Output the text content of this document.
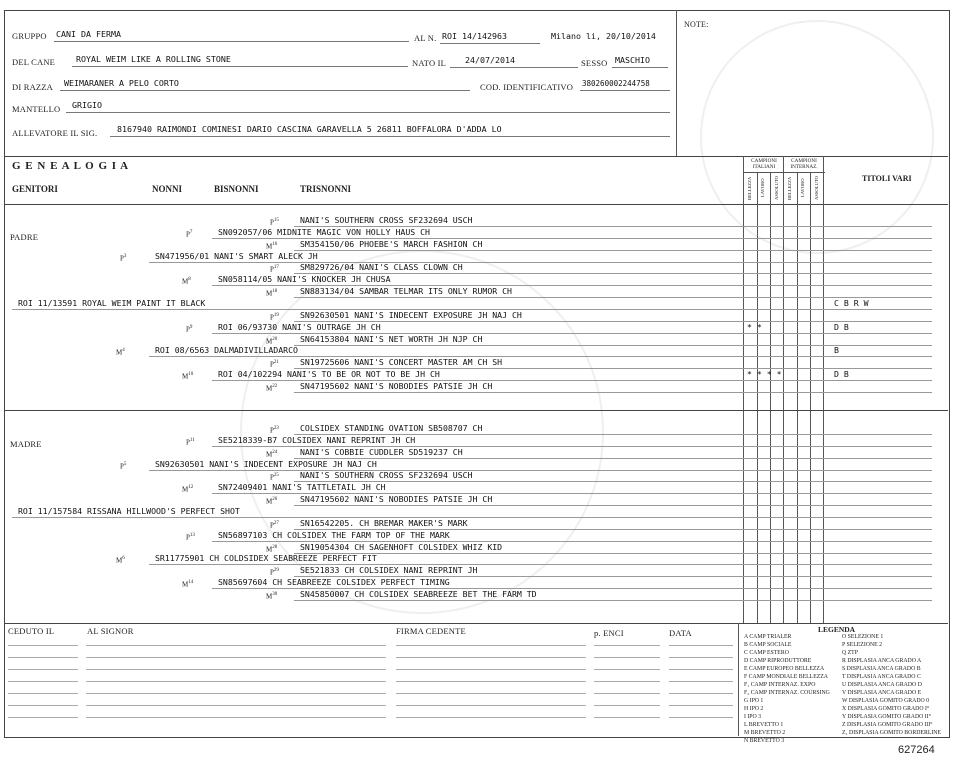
GRUPPO CANI DA FERMA	AL N. ROI 14/142963	Milano li, 20/10/2014
DEL CANE	ROYAL WEIM LIKE A ROLLING STONE	NATO IL 24/07/2014	SESSO MASCHIO
DI RAZZA WEIMARANER A PELO CORTO	COD. IDENTIFICATIVO 380260002244758
MANTELLO GRIGIO
ALLEVATORE IL SIG. 8167940 RAIMONDI COMINESI DARIO CASCINA GARAVELLA 5 26811 BOFFALORA D'ADDA LO
NOTE:
G E N E A L O G I A
GENITORI	NONNI	BISNONNI	TRISNONNI
TITOLI VARI
CAMPIONI ITALIANI
CAMPIONI INTERNAZ.
BELLEZZA LAVORO ASSOLUTO BELLEZZA LAVORO ASSOLUTO
PADRE
$P^{15}$	NANI'S SOUTHERN CROSS SF232694 USCH
$P^7$	SN092057/06 MIDNITE MAGIC VON HOLLY HAUS CH
$M^{16}$	SM354150/06 PHOEBE'S MARCH FASHION CH
$P^3$	SN471956/01 NANI'S SMART ALECK JH
$P^{17}$	SM829726/04 NANI'S CLASS CLOWN CH
$M^8$	SN058114/05 NANI'S KNOCKER JH CHUSA
$M^{18}$	SN883134/04 SAMBAR TELMAR ITS ONLY RUMOR CH
ROI 11/13591 ROYAL WEIM PAINT IT BLACK	C B R W
$P^{19}$	SN92630501 NANI'S INDECENT EXPOSURE JH NAJ CH
$P^9$	ROI 06/93730 NANI'S OUTRAGE JH CH	* *	D B
$M^{20}$	SN64153804 NANI'S NET WORTH JH NJP CH
$M^4$	ROI 08/6563 DALMADIVILLADARCO	B
$P^{21}$	SN19725606 NANI'S CONCERT MASTER AM CH SH
$M^{10}$	ROI 04/102294 NANI'S TO BE OR NOT TO BE JH CH	* * * *	D B
$M^{22}$	SN47195602 NANI'S NOBODIES PATSIE JH CH
MADRE
$P^{23}$	COLSIDEX STANDING OVATION SB508707 CH
$P^{11}$	SE5218339-B7 COLSIDEX NANI REPRINT JH CH
$M^{24}$	NANI'S COBBIE CUDDLER SD519237 CH
$P^5$	SN92630501 NANI'S INDECENT EXPOSURE JH NAJ CH
$P^{25}$	NANI'S SOUTHERN CROSS SF232694 USCH
$M^{12}$	SN72409401 NANI'S TATTLETAIL JH CH
$M^{26}$	SN47195602 NANI'S NOBODIES PATSIE JH CH
ROI 11/157584 RISSANA HILLWOOD'S PERFECT SHOT
$P^{27}$	SN16542205. CH BREMAR MAKER'S MARK
$P^{13}$	SN56897103 CH COLSIDEX THE FARM TOP OF THE MARK
$M^{28}$	SN19054304 CH SAGENHOFT COLSIDEX WHIZ KID
$M^6$	SR11775901 CH COLDSIDEX SEABREEZE PERFECT FIT
$P^{29}$	SE521833 CH COLSIDEX NANI REPRINT JH
$M^{14}$	SN85697604 CH SEABREEZE COLSIDEX PERFECT TIMING
$M^{30}$	SN45850007 CH COLSIDEX SEABREEZE BET THE FARM TD
CEDUTO IL	AL SIGNOR	FIRMA CEDENTE	p. ENCI	DATA	LEGENDA
A CAMP TRIALER
B CAMP SOCIALE
C CAMP ESTERO
D CAMP RIPRODUTTORE
E CAMP EUROPEO BELLEZZA
F CAMP MONDIALE BELLEZZA
F₁ CAMP INTERNAZ. EXPO
F₂ CAMP INTERNAZ. COURSING
G IPO 1
H IPO 2
I IPO 3
L BREVETTO 1
M BREVETTO 2
N BREVETTO 3
O SELEZIONE 1
P SELEZIONE 2
Q ZTP
R DISPLASIA ANCA GRADO A
S DISPLASIA ANCA GRADO B
T DISPLASIA ANCA GRADO C
U DISPLASIA ANCA GRADO D
V DISPLASIA ANCA GRADO E
W DISPLASIA GOMITO GRADO 0
X DISPLASIA GOMITO GRADO I°
Y DISPLASIA GOMITO GRADO II°
Z DISPLASIA GOMITO GRADO III°
Z₁ DISPLASIA GOMITO BORDERLINE
627264
